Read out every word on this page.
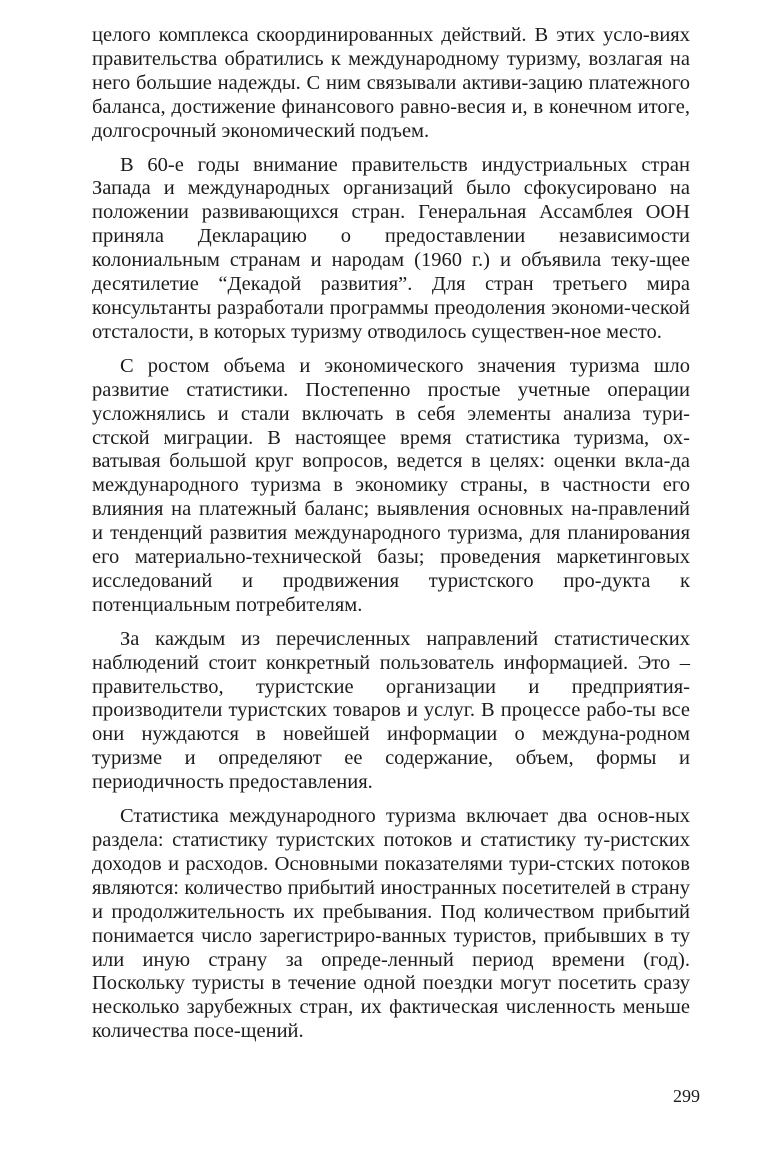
целого комплекса скоординированных действий. В этих усло-виях правительства обратились к международному туризму, возлагая на него большие надежды. С ним связывали активи-зацию платежного баланса, достижение финансового равно-весия и, в конечном итоге, долгосрочный экономический подъем.

В 60-е годы внимание правительств индустриальных стран Запада и международных организаций было сфокусировано на положении развивающихся стран. Генеральная Ассамблея ООН приняла Декларацию о предоставлении независимости колониальным странам и народам (1960 г.) и объявила теку-щее десятилетие “Декадой развития”. Для стран третьего мира консультанты разработали программы преодоления экономи-ческой отсталости, в которых туризму отводилось существен-ное место.

С ростом объема и экономического значения туризма шло развитие статистики. Постепенно простые учетные операции усложнялись и стали включать в себя элементы анализа тури-стской миграции. В настоящее время статистика туризма, ох-ватывая большой круг вопросов, ведется в целях: оценки вкла-да международного туризма в экономику страны, в частности его влияния на платежный баланс; выявления основных на-правлений и тенденций развития международного туризма, для планирования его материально-технической базы; проведения маркетинговых исследований и продвижения туристского про-дукта к потенциальным потребителям.

За каждым из перечисленных направлений статистических наблюдений стоит конкретный пользователь информацией. Это – правительство, туристские организации и предприятия-производители туристских товаров и услуг. В процессе рабо-ты все они нуждаются в новейшей информации о междуна-родном туризме и определяют ее содержание, объем, формы и периодичность предоставления.

Статистика международного туризма включает два основ-ных раздела: статистику туристских потоков и статистику ту-ристских доходов и расходов. Основными показателями тури-стских потоков являются: количество прибытий иностранных посетителей в страну и продолжительность их пребывания. Под количеством прибытий понимается число зарегистриро-ванных туристов, прибывших в ту или иную страну за опреде-ленный период времени (год). Поскольку туристы в течение одной поездки могут посетить сразу несколько зарубежных стран, их фактическая численность меньше количества посе-щений.

299
